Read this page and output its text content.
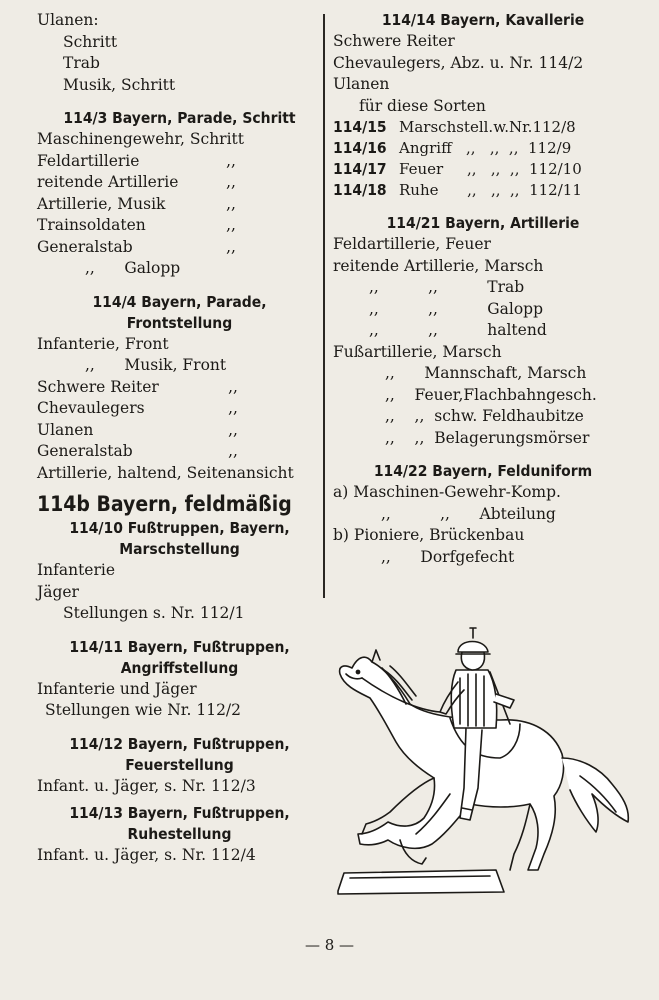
Ulanen:
Schritt
Trab
Musik, Schritt
114/3 Bayern, Parade, Schritt
Maschinengewehr, Schritt
Feldartillerie	,,
reitende Artillerie	,,
Artillerie, Musik	,,
Trainsoldaten	,,
Generalstab	,,
,,      Galopp
114/4 Bayern, Parade,
Frontstellung
Infanterie, Front
,,      Musik, Front
Schwere Reiter	,,
Chevaulegers	,,
Ulanen	,,
Generalstab	,,
Artillerie, haltend, Seitenansicht
114b Bayern, feldmäßig
114/10 Fußtruppen, Bayern,
Marschstellung
Infanterie
Jäger
Stellungen s. Nr. 112/1
114/11 Bayern, Fußtruppen,
Angriffstellung
Infanterie und Jäger
Stellungen wie Nr. 112/2
114/12 Bayern, Fußtruppen,
Feuerstellung
Infant. u. Jäger, s. Nr. 112/3
114/13 Bayern, Fußtruppen,
Ruhestellung
Infant. u. Jäger, s. Nr. 112/4
114/14 Bayern, Kavallerie
Schwere Reiter
Chevaulegers, Abz. u. Nr. 114/2
Ulanen
für diese Sorten
114/15 Marschstell.w.Nr.112/8
114/16 Angriff   ,,   ,,  ,,  112/9
114/17 Feuer     ,,   ,,  ,,  112/10
114/18 Ruhe      ,,   ,,  ,,  112/11
114/21 Bayern, Artillerie
Feldartillerie, Feuer
reitende Artillerie, Marsch
,,          ,,          Trab
,,          ,,          Galopp
,,          ,,          haltend
Fußartillerie, Marsch
,,      Mannschaft, Marsch
,,    Feuer,Flachbahngesch.
,,    ,,  schw. Feldhaubitze
,,    ,,  Belagerungsmörser
114/22 Bayern, Felduniform
a) Maschinen-Gewehr-Komp.
,,          ,,      Abteilung
b) Pioniere, Brückenbau
,,      Dorfgefecht
— 8 —
